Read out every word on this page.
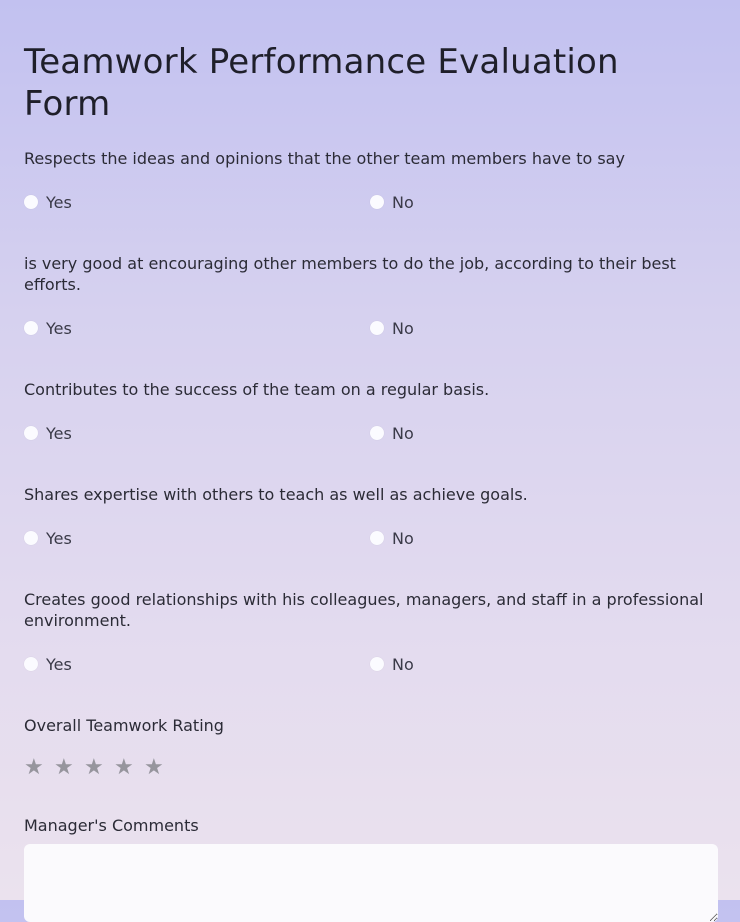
Teamwork Performance Evaluation Form
Respects the ideas and opinions that the other team members have to say
Yes	No
is very good at encouraging other members to do the job, according to their best efforts.
Yes	No
Contributes to the success of the team on a regular basis.
Yes	No
Shares expertise with others to teach as well as achieve goals.
Yes	No
Creates good relationships with his colleagues, managers, and staff in a professional environment.
Yes	No
Overall Teamwork Rating
★ ★ ★ ★ ★
Manager's Comments
